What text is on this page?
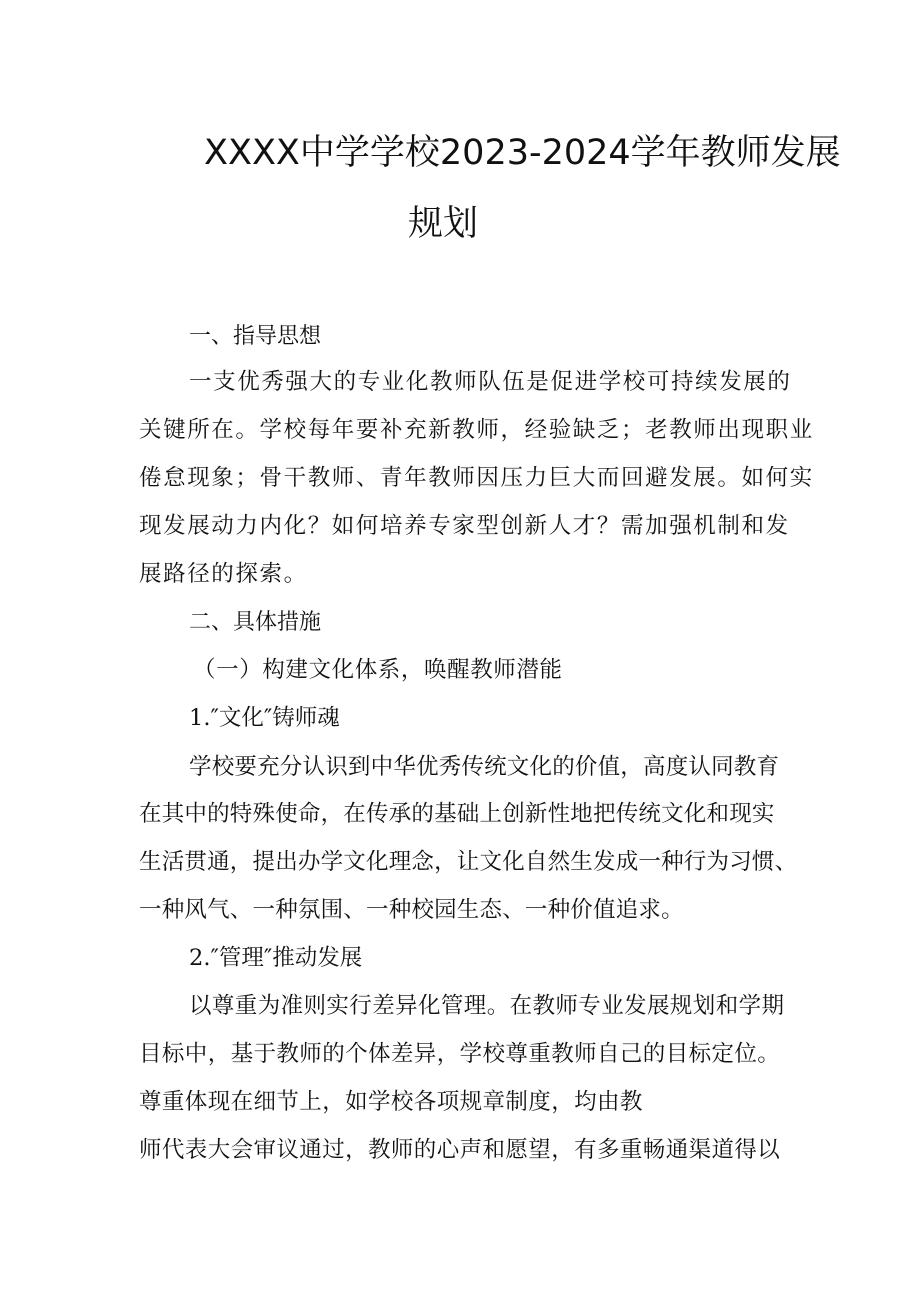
XXXX中学学校2023-2024学年教师发展
规划
一、指导思想
一支优秀强大的专业化教师队伍是促进学校可持续发展的
关键所在。学校每年要补充新教师，经验缺乏；老教师出现职业
倦怠现象；骨干教师、青年教师因压力巨大而回避发展。如何实
现发展动力内化？如何培养专家型创新人才？需加强机制和发
展路径的探索。
二、具体措施
（一）构建文化体系，唤醒教师潜能
1.″文化″铸师魂
学校要充分认识到中华优秀传统文化的价值，高度认同教育
在其中的特殊使命，在传承的基础上创新性地把传统文化和现实
生活贯通，提出办学文化理念，让文化自然生发成一种行为习惯、
一种风气、一种氛围、一种校园生态、一种价值追求。
2.″管理″推动发展
以尊重为准则实行差异化管理。在教师专业发展规划和学期
目标中，基于教师的个体差异，学校尊重教师自己的目标定位。
尊重体现在细节上，如学校各项规章制度，均由教
师代表大会审议通过，教师的心声和愿望，有多重畅通渠道得以
